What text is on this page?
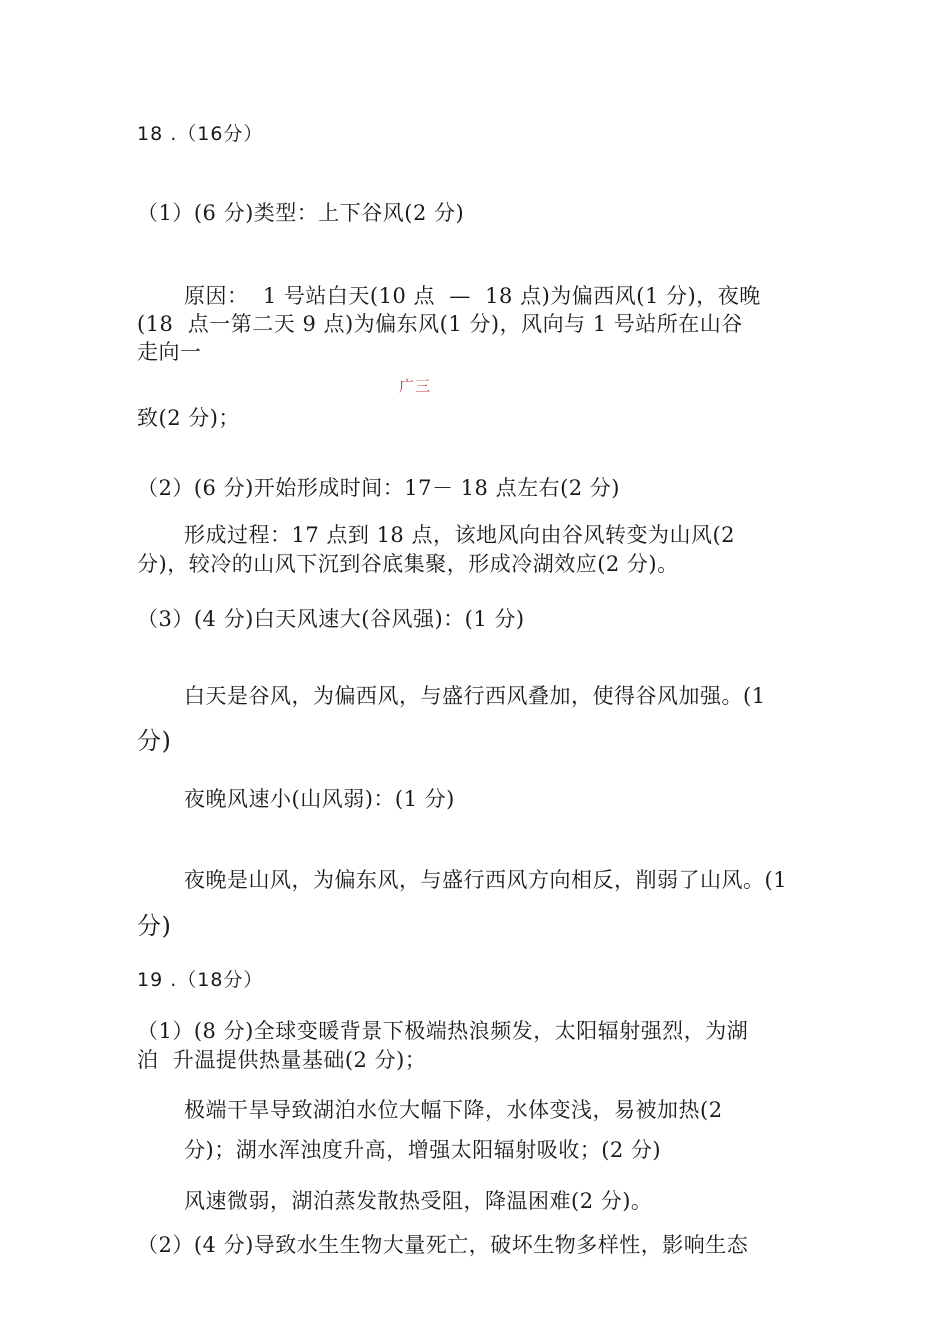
18 .（16分）
（1）(6 分)类型：上下谷风(2 分)
原因：  1 号站白天(10 点  —  18 点)为偏西风(1 分)，夜晚
(18  点一第二天 9 点)为偏东风(1 分)，风向与 1 号站所在山谷
走向一
广三
致(2 分)；
（2）(6 分)开始形成时间：17－ 18 点左右(2 分)
形成过程：17 点到 18 点，该地风向由谷风转变为山风(2
分)，较冷的山风下沉到谷底集聚，形成冷湖效应(2 分)。
（3）(4 分)白天风速大(谷风强)：(1 分)
白天是谷风，为偏西风，与盛行西风叠加，使得谷风加强。(1
分)
夜晚风速小(山风弱)：(1 分)
夜晚是山风，为偏东风，与盛行西风方向相反，削弱了山风。(1
分)
19 .（18分）
（1）(8 分)全球变暖背景下极端热浪频发，太阳辐射强烈，为湖
泊  升温提供热量基础(2 分)；
极端干旱导致湖泊水位大幅下降，水体变浅，易被加热(2
分)；湖水浑浊度升高，增强太阳辐射吸收；(2 分)
风速微弱，湖泊蒸发散热受阻，降温困难(2 分)。
（2）(4 分)导致水生生物大量死亡，破坏生物多样性，影响生态
